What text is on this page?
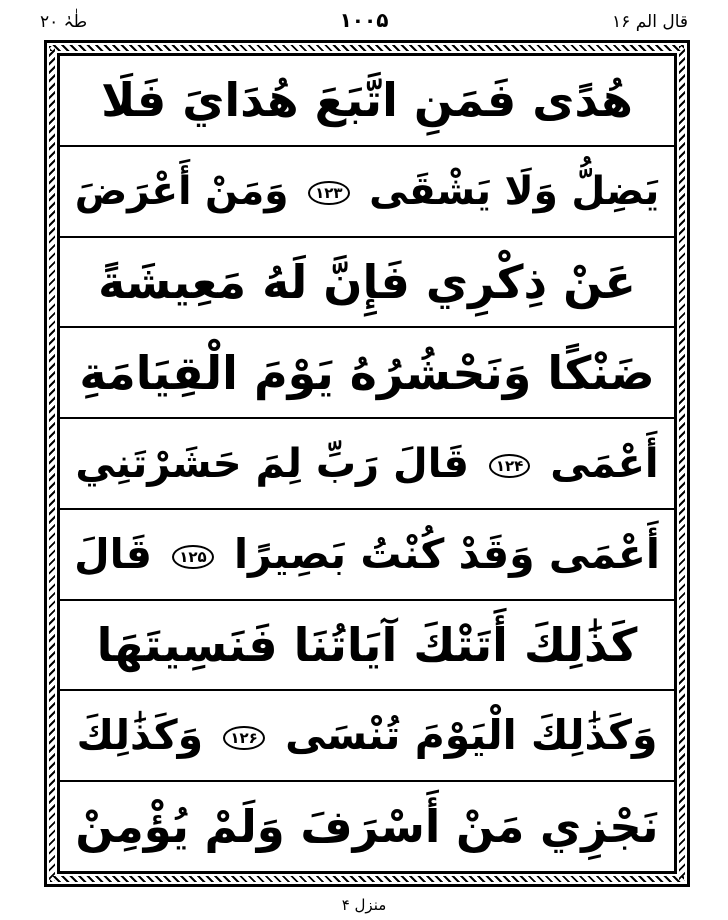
طٰہٰ ۲۰	۱۰۰۵	قال الم ۱۶
هُدًى فَمَنِ اتَّبَعَ هُدَايَ فَلَا
يَضِلُّ وَلَا يَشْقَى ۱۲۳ وَمَنْ أَعْرَضَ
عَنْ ذِكْرِي فَإِنَّ لَهُ مَعِيشَةً
ضَنْكًا وَنَحْشُرُهُ يَوْمَ الْقِيَامَةِ
أَعْمَى ۱۲۴ قَالَ رَبِّ لِمَ حَشَرْتَنِي
أَعْمَى وَقَدْ كُنْتُ بَصِيرًا ۱۲۵ قَالَ
كَذَٰلِكَ أَتَتْكَ آيَاتُنَا فَنَسِيتَهَا
وَكَذَٰلِكَ الْيَوْمَ تُنْسَى ۱۲۶ وَكَذَٰلِكَ
نَجْزِي مَنْ أَسْرَفَ وَلَمْ يُؤْمِنْ
منزل ۴
